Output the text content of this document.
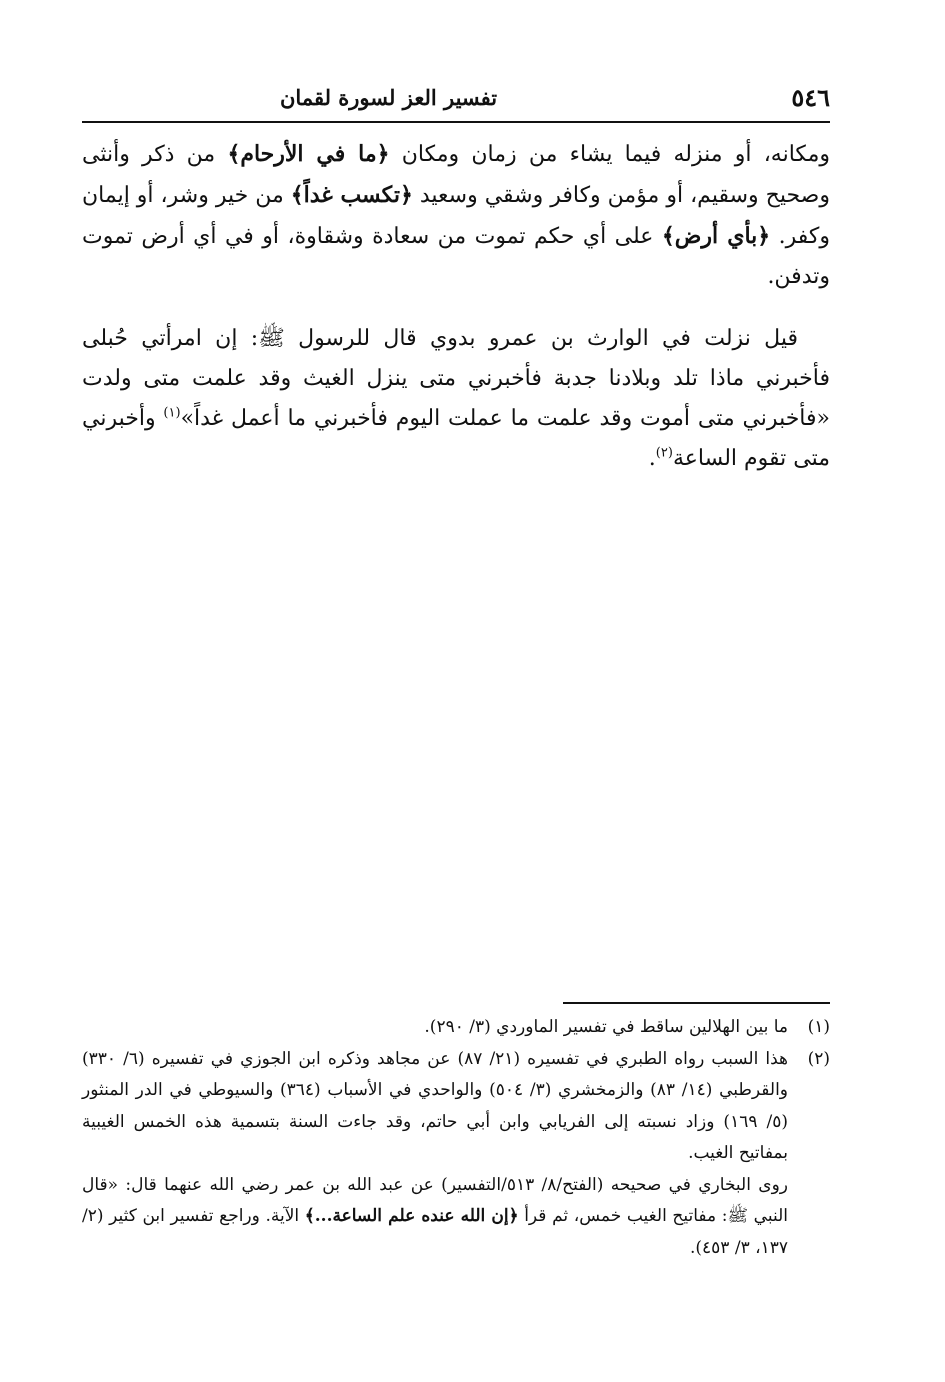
٥٤٦
تفسير العز لسورة لقمان

ومكانه، أو منزله فيما يشاء من زمان ومكان ﴿ما في الأرحام﴾ من ذكر وأنثى وصحيح وسقيم، أو مؤمن وكافر وشقي وسعيد ﴿تكسب غداً﴾ من خير وشر، أو إيمان وكفر. ﴿بأي أرض﴾ على أي حكم تموت من سعادة وشقاوة، أو في أي أرض تموت وتدفن.

قيل نزلت في الوارث بن عمرو بدوي قال للرسول ﷺ: إن امرأتي حُبلى فأخبرني ماذا تلد وبلادنا جدبة فأخبرني متى ينزل الغيث وقد علمت متى ولدت «فأخبرني متى أموت وقد علمت ما عملت اليوم فأخبرني ما أعمل غداً»$^{(١)}$ وأخبرني متى تقوم الساعة$^{(٢)}$.

(١)
ما بين الهلالين ساقط في تفسير الماوردي (٣/ ٢٩٠).
(٢)
هذا السبب رواه الطبري في تفسيره (٢١/ ٨٧) عن مجاهد وذكره ابن الجوزي في تفسيره (٦/ ٣٣٠) والقرطبي (١٤/ ٨٣) والزمخشري (٣/ ٥٠٤) والواحدي في الأسباب (٣٦٤) والسيوطي في الدر المنثور (٥/ ١٦٩) وزاد نسبته إلى الفريابي وابن أبي حاتم، وقد جاءت السنة بتسمية هذه الخمس الغيبية بمفاتيح الغيب.
روى البخاري في صحيحه (الفتح/٨/ ٥١٣/التفسير) عن عبد الله بن عمر رضي الله عنهما قال: «قال النبي ﷺ: مفاتيح الغيب خمس، ثم قرأ ﴿إن الله عنده علم الساعة...﴾ الآية. وراجع تفسير ابن كثير (٢/ ١٣٧، ٣/ ٤٥٣).
